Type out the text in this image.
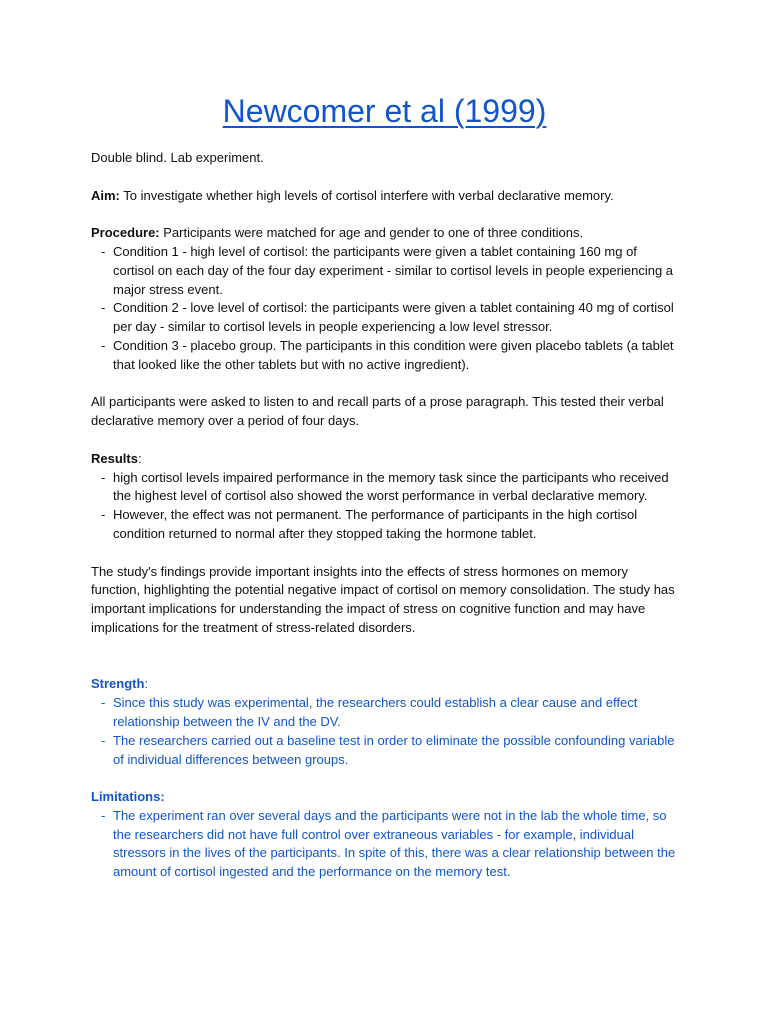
Newcomer et al (1999)

Double blind. Lab experiment.

Aim: To investigate whether high levels of cortisol interfere with verbal declarative memory.

Procedure: Participants were matched for age and gender to one of three conditions.

- Condition 1 - high level of cortisol: the participants were given a tablet containing 160 mg of cortisol on each day of the four day experiment - similar to cortisol levels in people experiencing a major stress event.
- Condition 2 - love level of cortisol: the participants were given a tablet containing 40 mg of cortisol per day - similar to cortisol levels in people experiencing a low level stressor.
- Condition 3 - placebo group. The participants in this condition were given placebo tablets (a tablet that looked like the other tablets but with no active ingredient).

All participants were asked to listen to and recall parts of a prose paragraph. This tested their verbal declarative memory over a period of four days.

Results:

- high cortisol levels impaired performance in the memory task since the participants who received the highest level of cortisol also showed the worst performance in verbal declarative memory.
- However, the effect was not permanent. The performance of participants in the high cortisol condition returned to normal after they stopped taking the hormone tablet.

The study's findings provide important insights into the effects of stress hormones on memory function, highlighting the potential negative impact of cortisol on memory consolidation. The study has important implications for understanding the impact of stress on cognitive function and may have implications for the treatment of stress-related disorders.

Strength:

- Since this study was experimental, the researchers could establish a clear cause and effect relationship between the IV and the DV.
- The researchers carried out a baseline test in order to eliminate the possible confounding variable of individual differences between groups.

Limitations:

- The experiment ran over several days and the participants were not in the lab the whole time, so the researchers did not have full control over extraneous variables - for example, individual stressors in the lives of the participants. In spite of this, there was a clear relationship between the amount of cortisol ingested and the performance on the memory test.
